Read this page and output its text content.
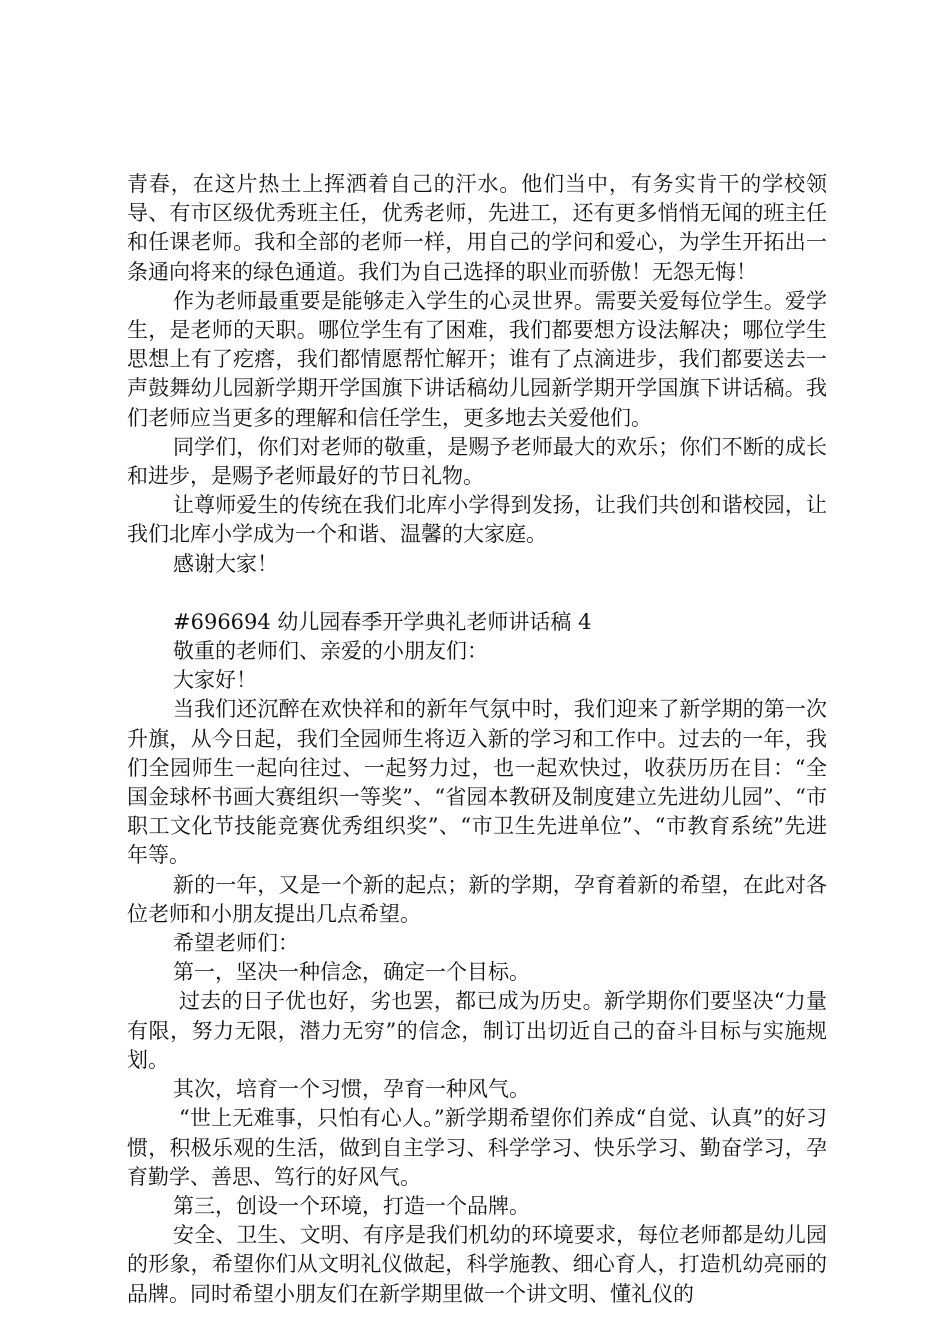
青春，在这片热土上挥洒着自己的汗水。他们当中，有务实肯干的学校领导、有市区级优秀班主任，优秀老师，先进工，还有更多悄悄无闻的班主任和任课老师。我和全部的老师一样，用自己的学问和爱心，为学生开拓出一条通向将来的绿色通道。我们为自己选择的职业而骄傲！无怨无悔！

作为老师最重要是能够走入学生的心灵世界。需要关爱每位学生。爱学生，是老师的天职。哪位学生有了困难，我们都要想方设法解决；哪位学生思想上有了疙瘩，我们都情愿帮忙解开；谁有了点滴进步，我们都要送去一声鼓舞幼儿园新学期开学国旗下讲话稿幼儿园新学期开学国旗下讲话稿。我们老师应当更多的理解和信任学生，更多地去关爱他们。

同学们，你们对老师的敬重，是赐予老师最大的欢乐；你们不断的成长和进步，是赐予老师最好的节日礼物。

让尊师爱生的传统在我们北库小学得到发扬，让我们共创和谐校园，让我们北库小学成为一个和谐、温馨的大家庭。

感谢大家！

#696694 幼儿园春季开学典礼老师讲话稿 4

敬重的老师们、亲爱的小朋友们：

大家好！

当我们还沉醉在欢快祥和的新年气氛中时，我们迎来了新学期的第一次升旗，从今日起，我们全园师生将迈入新的学习和工作中。过去的一年，我们全园师生一起向往过、一起努力过，也一起欢快过，收获历历在目：“全国金球杯书画大赛组织一等奖”、“省园本教研及制度建立先进幼儿园”、“市职工文化节技能竞赛优秀组织奖”、“市卫生先进单位”、“市教育系统”先进年等。

新的一年，又是一个新的起点；新的学期，孕育着新的希望，在此对各位老师和小朋友提出几点希望。

希望老师们：

第一，坚决一种信念，确定一个目标。

过去的日子优也好，劣也罢，都已成为历史。新学期你们要坚决“力量有限，努力无限，潜力无穷”的信念，制订出切近自己的奋斗目标与实施规划。

其次，培育一个习惯，孕育一种风气。

“世上无难事，只怕有心人。”新学期希望你们养成“自觉、认真”的好习惯，积极乐观的生活，做到自主学习、科学学习、快乐学习、勤奋学习，孕育勤学、善思、笃行的好风气。

第三，创设一个环境，打造一个品牌。

安全、卫生、文明、有序是我们机幼的环境要求，每位老师都是幼儿园的形象，希望你们从文明礼仪做起，科学施教、细心育人，打造机幼亮丽的品牌。同时希望小朋友们在新学期里做一个讲文明、懂礼仪的
